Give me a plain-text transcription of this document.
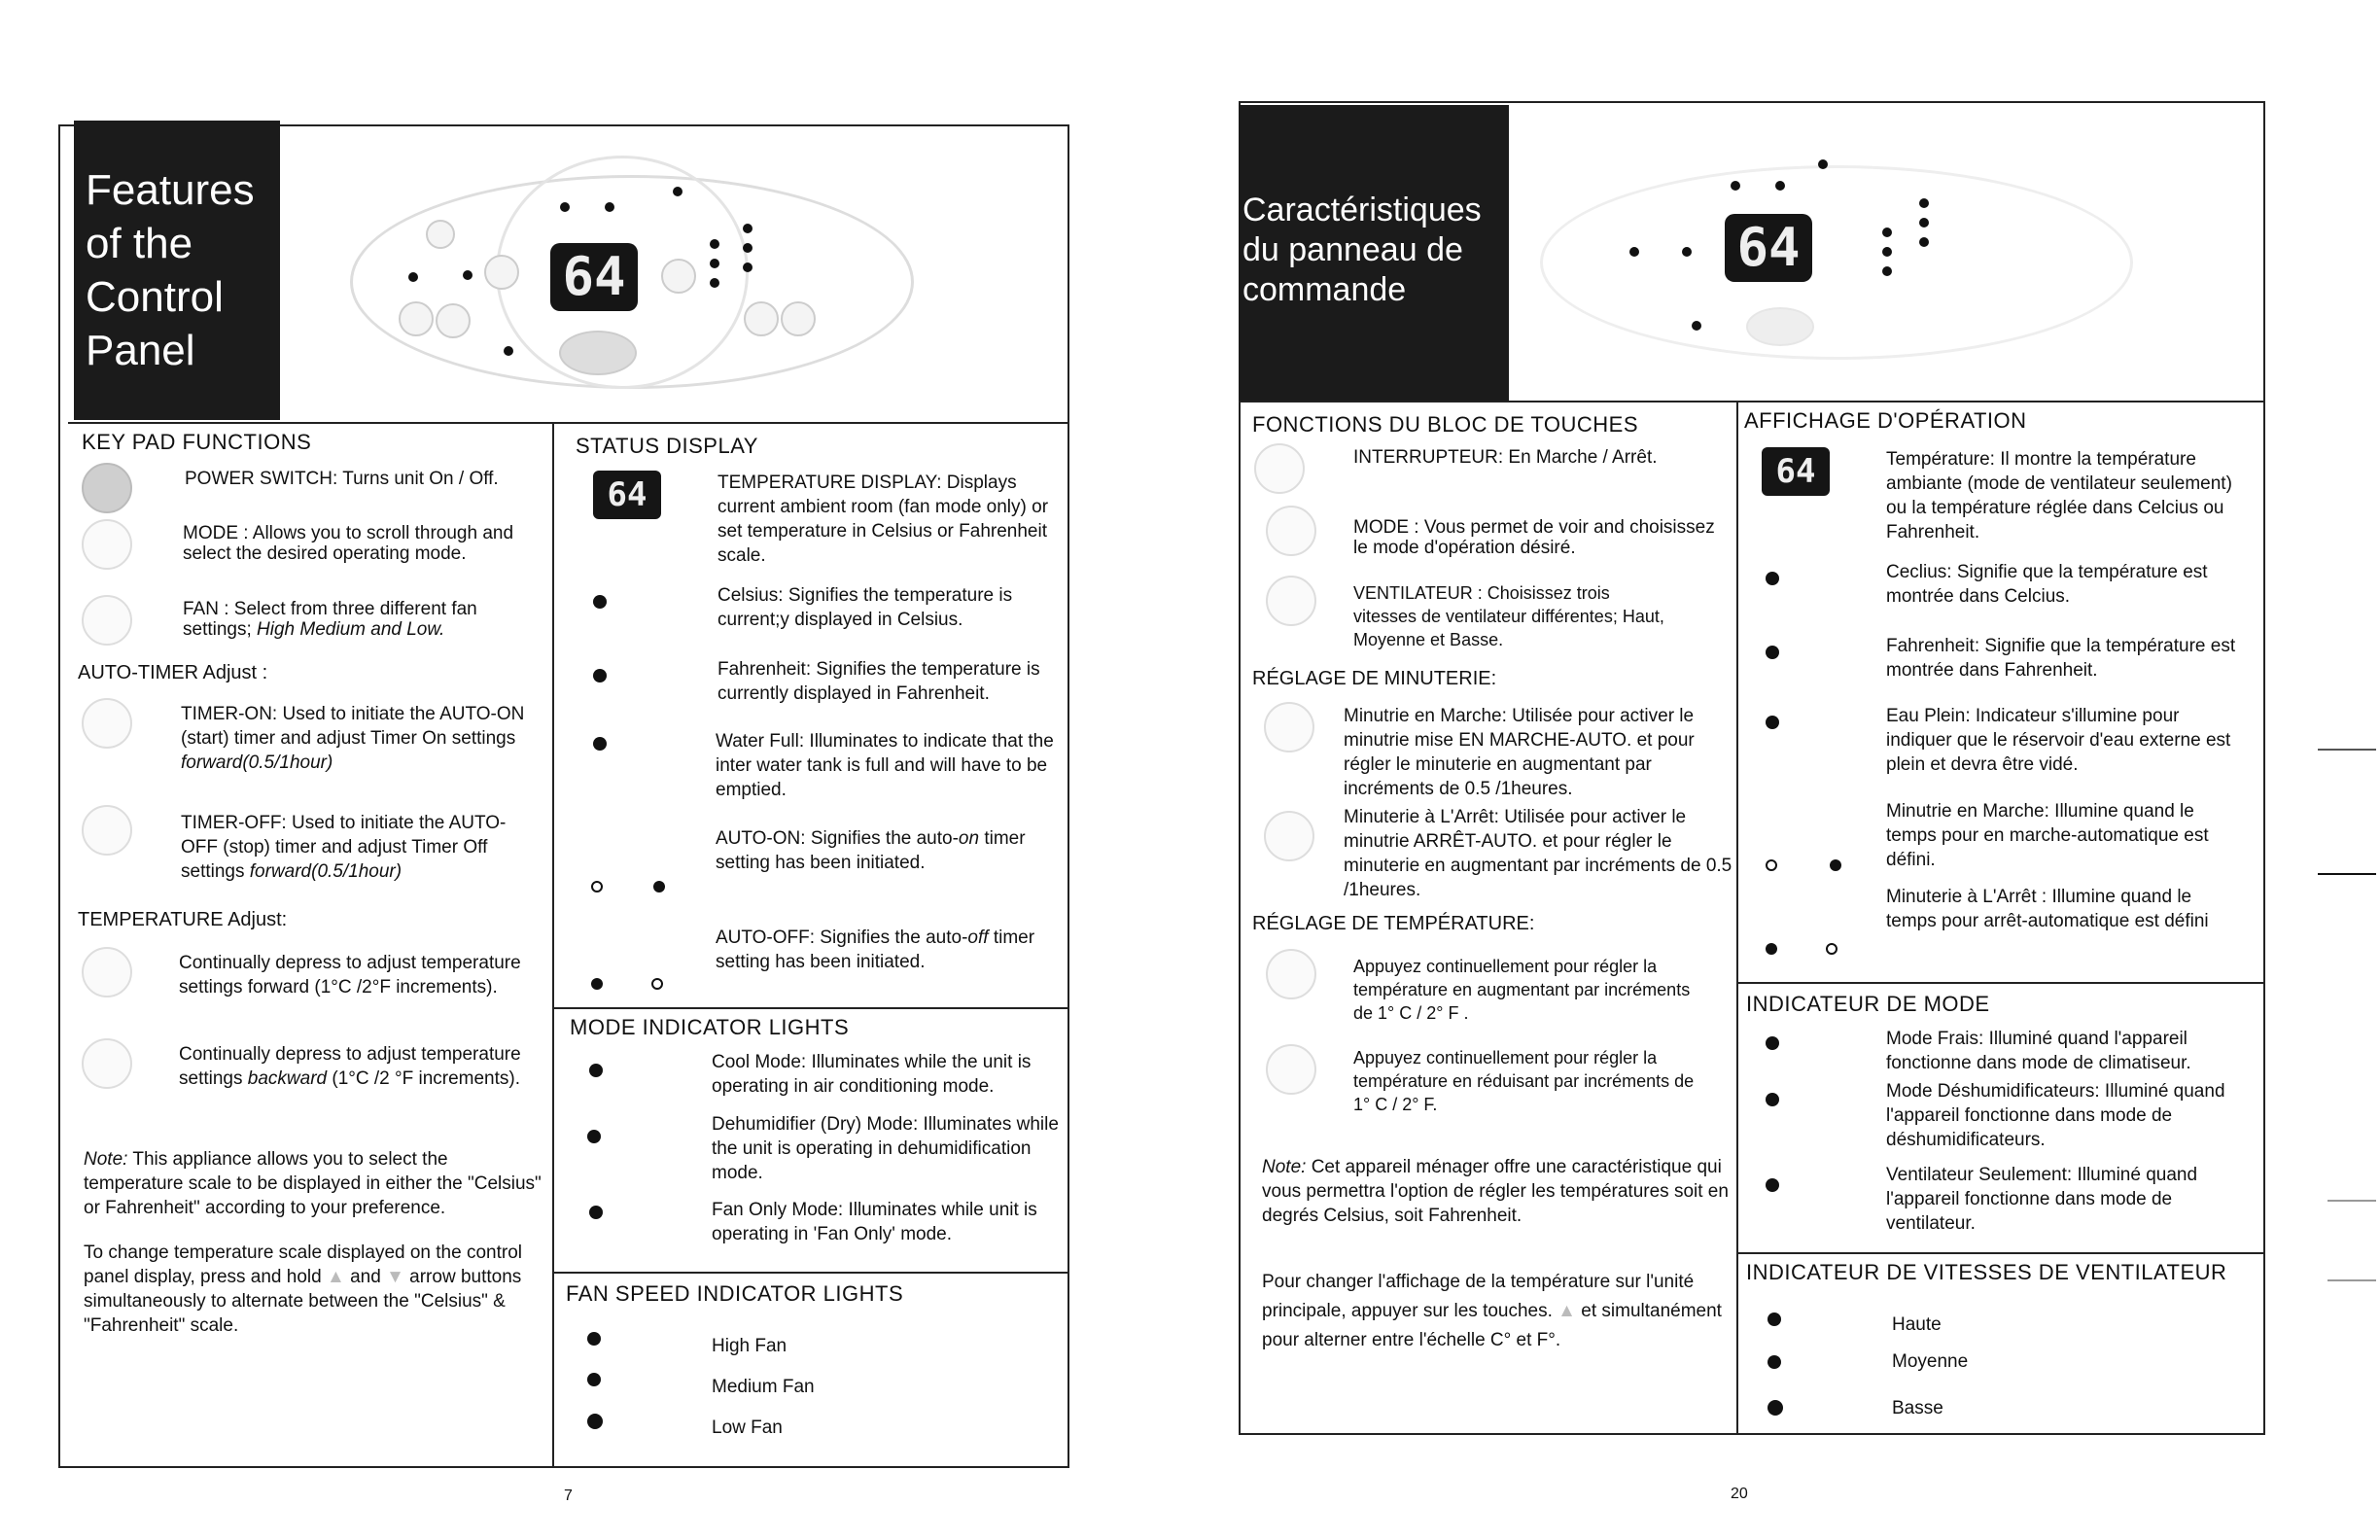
Features
of the
Control
Panel
64
KEY PAD FUNCTIONS
POWER SWITCH: Turns unit On / Off.
MODE : Allows you to scroll through and select the desired operating mode.
FAN : Select from three different fan settings; High Medium and Low.
AUTO-TIMER Adjust :
TIMER-ON: Used to initiate the AUTO-ON (start) timer and adjust Timer On settings forward(0.5/1hour)
TIMER-OFF: Used to initiate the AUTO-OFF (stop) timer and adjust Timer Off settings forward(0.5/1hour)
TEMPERATURE Adjust:
Continually depress to adjust temperature settings forward (1°C /2°F increments).
Continually depress to adjust temperature settings backward (1°C /2 °F increments).
Note: This appliance allows you to select the temperature scale to be displayed in either the "Celsius" or Fahrenheit" according to your preference.
To change temperature scale displayed on the control panel display, press and hold ▲ and ▼ arrow buttons simultaneously to alternate between the "Celsius" & "Fahrenheit" scale.
STATUS DISPLAY
64	TEMPERATURE DISPLAY: Displays current ambient room (fan mode only) or set temperature in Celsius or Fahrenheit scale.
Celsius: Signifies the temperature is current;y displayed in Celsius.
Fahrenheit: Signifies the temperature is currently displayed in Fahrenheit.
Water Full: Illuminates to indicate that the inter water tank is full and will have to be emptied.
AUTO-ON: Signifies the auto-on timer setting has been initiated.
AUTO-OFF: Signifies the auto-off timer setting has been initiated.
MODE INDICATOR LIGHTS
Cool Mode: Illuminates while the unit is operating in air conditioning mode.
Dehumidifier (Dry) Mode: Illuminates while the unit is operating in dehumidification mode.
Fan Only Mode: Illuminates while unit is operating in 'Fan Only' mode.
FAN SPEED INDICATOR LIGHTS
High Fan
Medium Fan
Low Fan
7
Caractéristiques
du panneau de
commande
64
FONCTIONS DU BLOC DE TOUCHES
INTERRUPTEUR: En Marche / Arrêt.
MODE : Vous permet de voir and choisissez le mode d'opération désiré.
VENTILATEUR : Choisissez trois vitesses de ventilateur différentes; Haut, Moyenne et Basse.
RÉGLAGE DE MINUTERIE:
Minutrie en Marche: Utilisée pour activer le minutrie mise EN MARCHE-AUTO. et pour régler le minuterie en augmentant par incréments de 0.5 /1heures.
Minuterie à L'Arrêt: Utilisée pour activer le minutrie ARRÊT-AUTO. et pour régler le minuterie en augmentant par incréments de 0.5 /1heures.
RÉGLAGE DE TEMPÉRATURE:
Appuyez continuellement pour régler la température en augmentant par incréments de 1° C / 2° F .
Appuyez continuellement pour régler la température en réduisant par incréments de 1° C / 2° F.
Note: Cet appareil ménager offre une caractéristique qui vous permettra l'option de régler les températures soit en degrés Celsius, soit Fahrenheit.
Pour changer l'affichage de la température sur l'unité principale, appuyer sur les touches. ▲ et simultanément pour alterner entre l'échelle C° et F°.
AFFICHAGE D'OPÉRATION
64	Température: Il montre la température ambiante (mode de ventilateur seulement) ou la température réglée dans Celcius ou Fahrenheit.
Ceclius: Signifie que la température est montrée dans Celcius.
Fahrenheit: Signifie que la température est montrée dans Fahrenheit.
Eau Plein: Indicateur s'illumine pour indiquer que le réservoir d'eau externe est plein et devra être vidé.
Minutrie en Marche: Illumine quand le temps pour en marche-automatique est défini.
Minuterie à L'Arrêt : Illumine quand le temps pour arrêt-automatique est défini
INDICATEUR DE MODE
Mode Frais: Illuminé quand l'appareil fonctionne dans mode de climatiseur.
Mode Déshumidificateurs: Illuminé quand l'appareil fonctionne dans mode de déshumidificateurs.
Ventilateur Seulement: Illuminé quand l'appareil fonctionne dans mode de ventilateur.
INDICATEUR DE VITESSES DE VENTILATEUR
Haute
Moyenne
Basse
20
